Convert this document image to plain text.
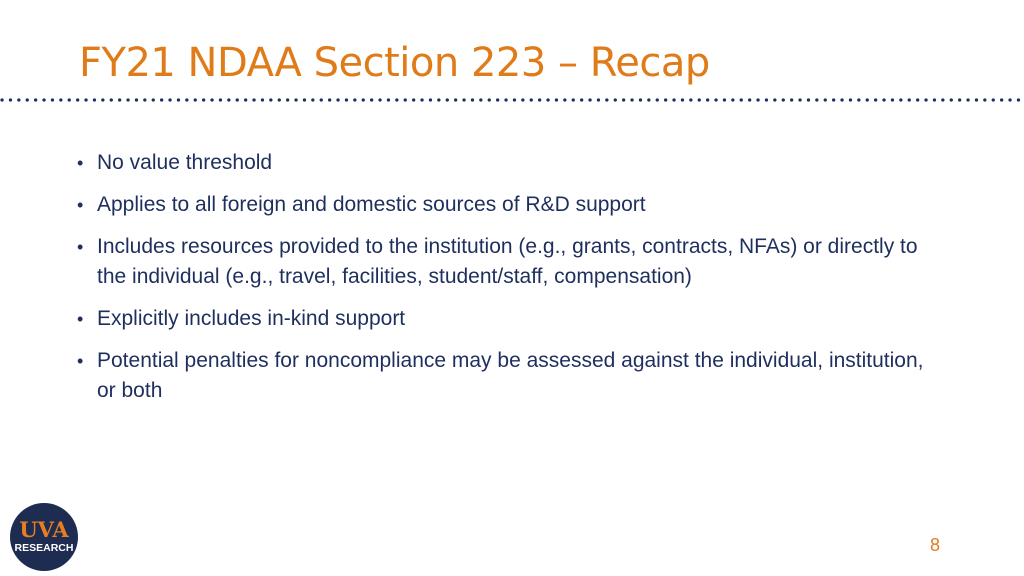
FY21 NDAA Section 223 – Recap
• No value threshold
• Applies to all foreign and domestic sources of R&D support
• Includes resources provided to the institution (e.g., grants, contracts, NFAs) or directly to the individual (e.g., travel, facilities, student/staff, compensation)
• Explicitly includes in-kind support
• Potential penalties for noncompliance may be assessed against the individual, institution, or both
UVA
RESEARCH	8
